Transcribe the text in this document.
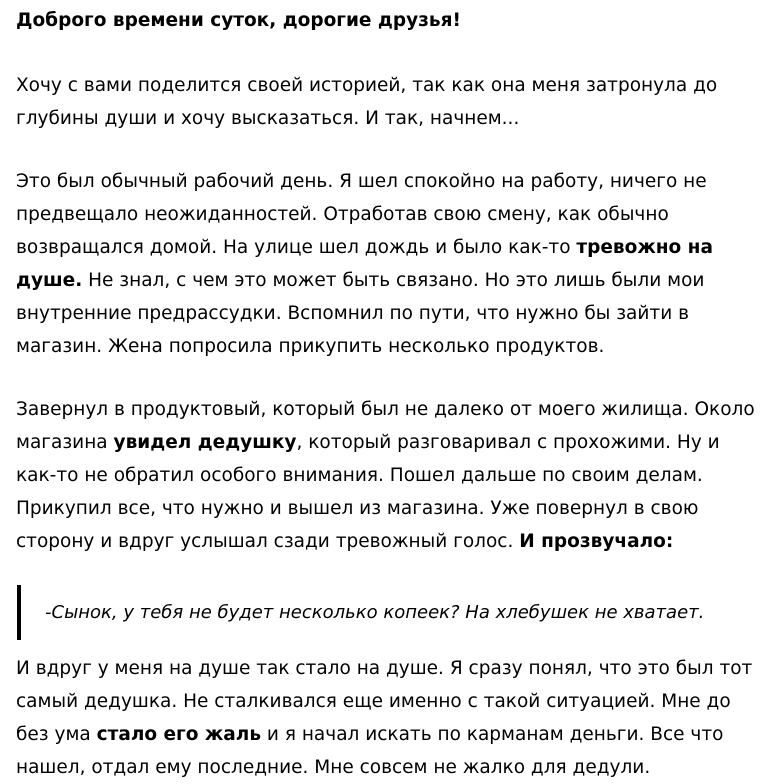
Доброго времени суток, дорогие друзья!

Хочу с вами поделится своей историей, так как она меня затронула до глубины души и хочу высказаться. И так, начнем...

Это был обычный рабочий день. Я шел спокойно на работу, ничего не предвещало неожиданностей. Отработав свою смену, как обычно возвращался домой. На улице шел дождь и было как-то тревожно на душе. Не знал, с чем это может быть связано. Но это лишь были мои внутренние предрассудки. Вспомнил по пути, что нужно бы зайти в магазин. Жена попросила прикупить несколько продуктов.

Завернул в продуктовый, который был не далеко от моего жилища. Около магазина увидел дедушку, который разговаривал с прохожими. Ну и как-то не обратил особого внимания. Пошел дальше по своим делам. Прикупил все, что нужно и вышел из магазина. Уже повернул в свою сторону и вдруг услышал сзади тревожный голос. И прозвучало:

-Сынок, у тебя не будет несколько копеек? На хлебушек не хватает.

И вдруг у меня на душе так стало на душе. Я сразу понял, что это был тот самый дедушка. Не сталкивался еще именно с такой ситуацией. Мне до без ума стало его жаль и я начал искать по карманам деньги. Все что нашел, отдал ему последние. Мне совсем не жалко для дедули.
